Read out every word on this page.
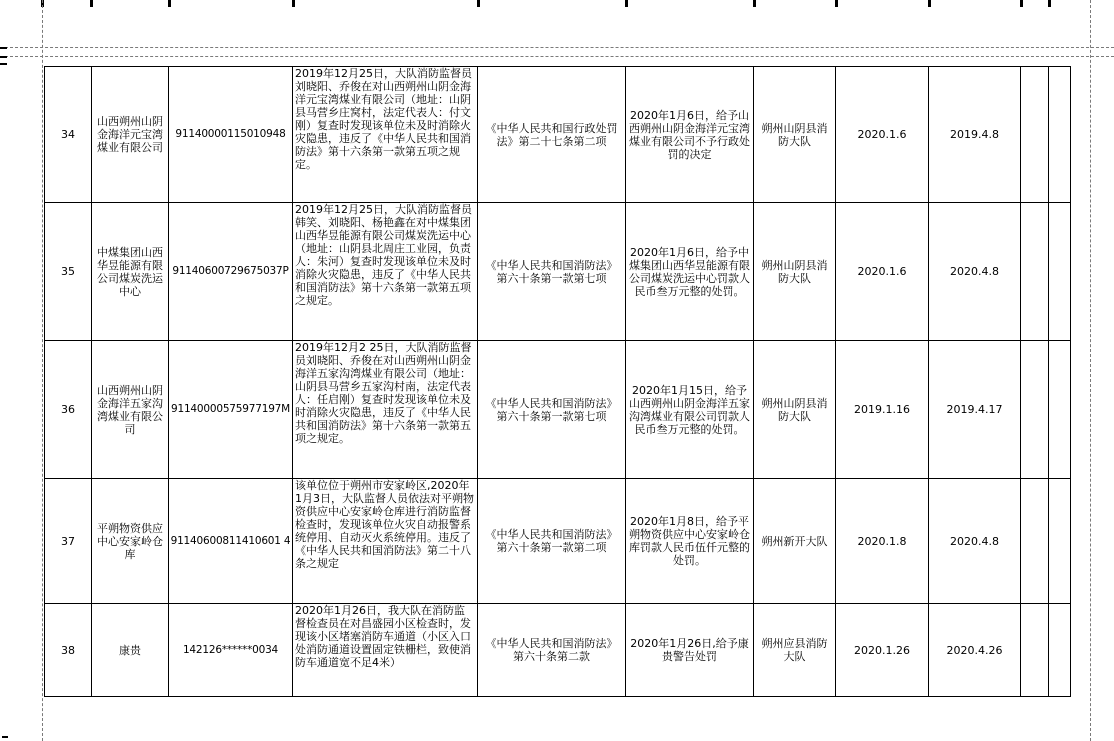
34	山西朔州山阴金海洋元宝湾煤业有限公司	91140000115010948	2019年12月25日，大队消防监督员刘晓阳、乔俊在对山西朔州山阴金海洋元宝湾煤业有限公司（地址：山阴县马营乡庄窝村，法定代表人：付文刚）复查时发现该单位未及时消除火灾隐患，违反了《中华人民共和国消防法》第十六条第一款第五项之规定。	《中华人民共和国行政处罚法》第二十七条第二项	2020年1月6日，给予山西朔州山阴金海洋元宝湾煤业有限公司不予行政处罚的决定	朔州山阴县消防大队	2020.1.6	2019.4.8		
35	中煤集团山西华昱能源有限公司煤炭洗运中心	91140600729675037P	2019年12月25日，大队消防监督员韩笑、刘晓阳、杨艳鑫在对中煤集团山西华昱能源有限公司煤炭洗运中心（地址：山阴县北周庄工业园，负责人：朱河）复查时发现该单位未及时消除火灾隐患，违反了《中华人民共和国消防法》第十六条第一款第五项之规定。	《中华人民共和国消防法》第六十条第一款第七项	2020年1月6日，给予中煤集团山西华昱能源有限公司煤炭洗运中心罚款人民币叁万元整的处罚。	朔州山阴县消防大队	2020.1.6	2020.4.8		
36	山西朔州山阴金海洋五家沟湾煤业有限公司	91140000575977197M	2019年12月2 25日，大队消防监督员刘晓阳、乔俊在对山西朔州山阴金海洋五家沟湾煤业有限公司（地址：山阴县马营乡五家沟村南，法定代表人：任启刚）复查时发现该单位未及时消除火灾隐患，违反了《中华人民共和国消防法》第十六条第一款第五项之规定。	《中华人民共和国消防法》第六十条第一款第七项	2020年1月15日，给予山西朔州山阴金海洋五家沟湾煤业有限公司罚款人民币叁万元整的处罚。	朔州山阴县消防大队	2019.1.16	2019.4.17		
37	平朔物资供应中心安家岭仓库	91140600811410601 4	该单位位于朔州市安家岭区,2020年1月3日，大队监督人员依法对平朔物资供应中心安家岭仓库进行消防监督检查时，发现该单位火灾自动报警系统停用、自动灭火系统停用。违反了《中华人民共和国消防法》第二十八条之规定	《中华人民共和国消防法》第六十条第一款第二项	2020年1月8日，给予平朔物资供应中心安家岭仓库罚款人民币伍仟元整的处罚。	朔州新开大队	2020.1.8	2020.4.8		
38	康贵	142126******0034	2020年1月26日，我大队在消防监督检查员在对昌盛园小区检查时，发现该小区堵塞消防车通道（小区入口处消防通道设置固定铁栅栏，致使消防车通道宽不足4米）	《中华人民共和国消防法》第六十条第二款	2020年1月26日,给予康贵警告处罚	朔州应县消防大队	2020.1.26	2020.4.26		
